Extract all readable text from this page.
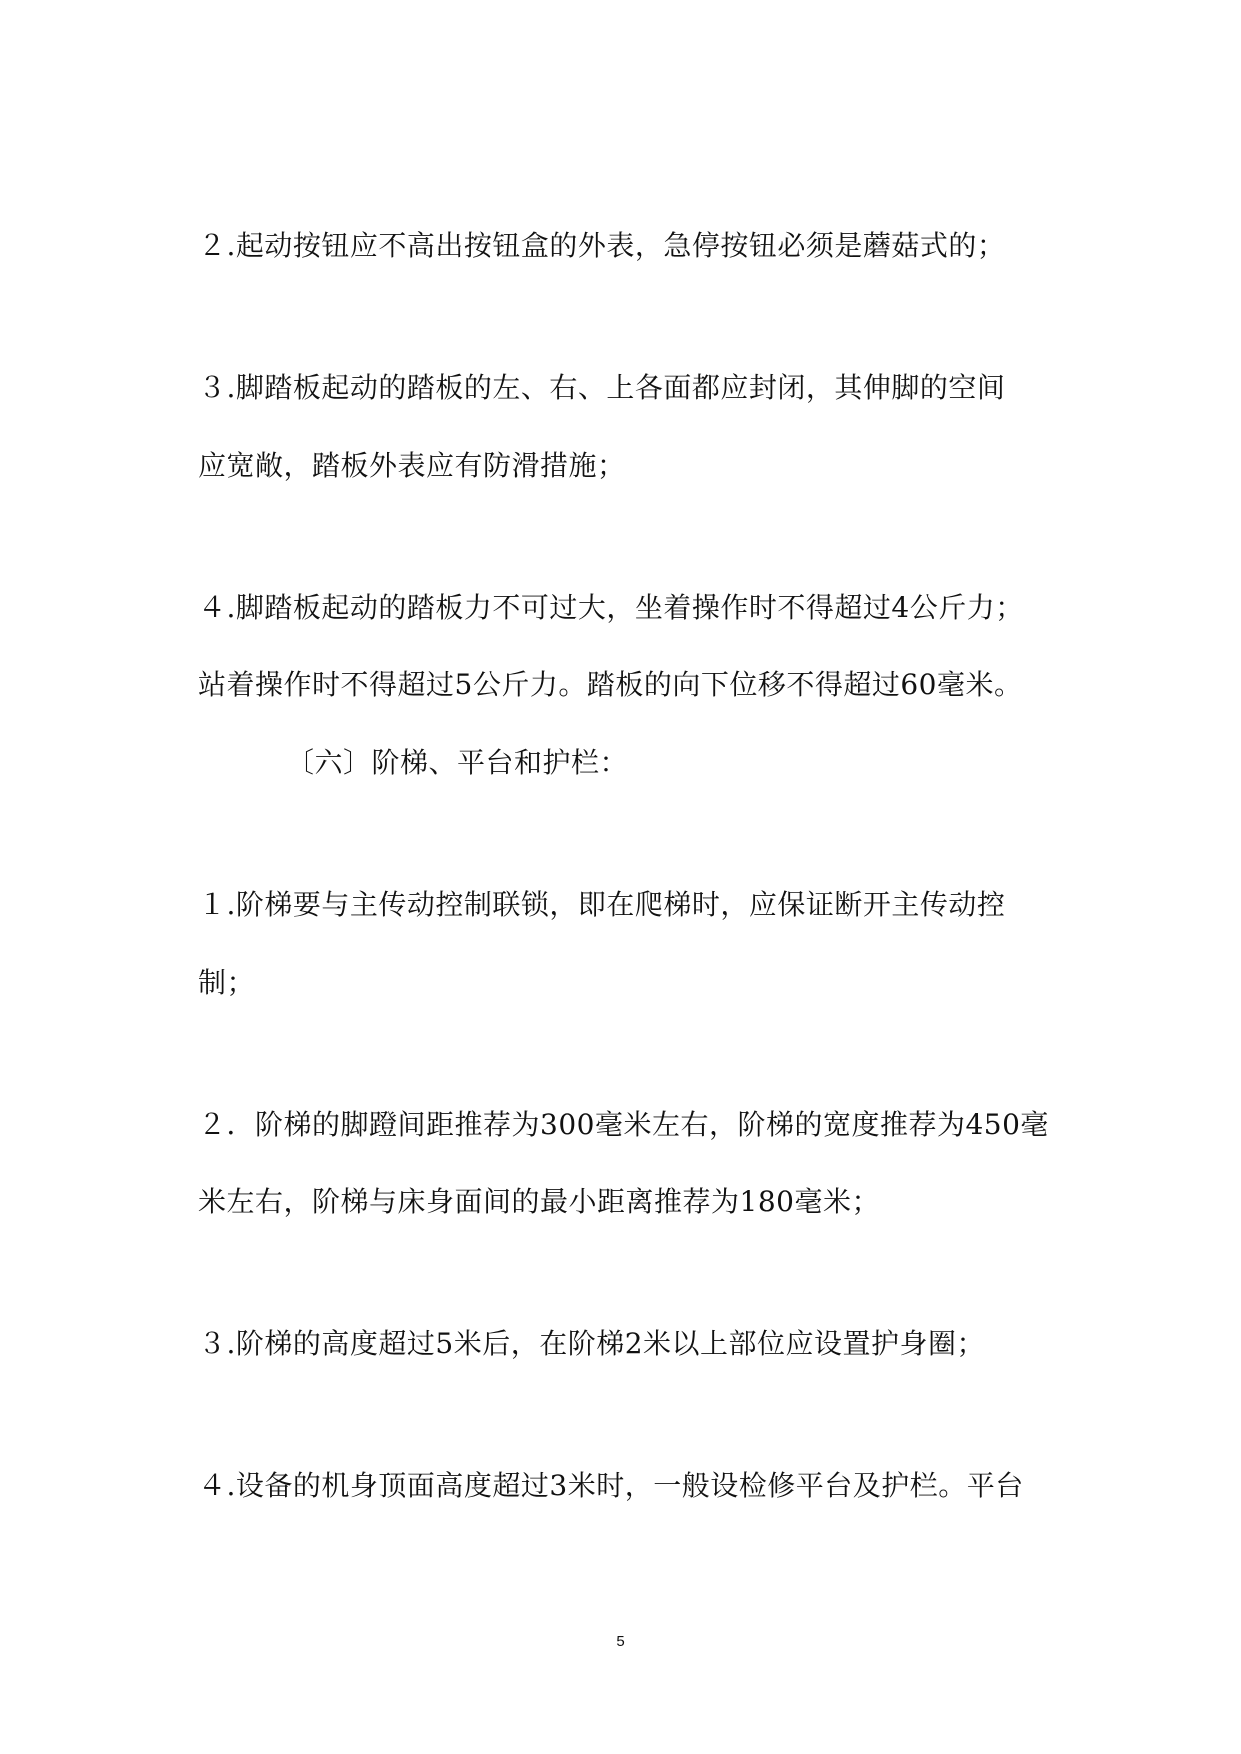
２.起动按钮应不高出按钮盒的外表，急停按钮必须是蘑菇式的；
３.脚踏板起动的踏板的左、右、上各面都应封闭，其伸脚的空间
应宽敞，踏板外表应有防滑措施；
４.脚踏板起动的踏板力不可过大，坐着操作时不得超过4公斤力；
站着操作时不得超过5公斤力。踏板的向下位移不得超过60毫米。
〔六〕阶梯、平台和护栏：
１.阶梯要与主传动控制联锁，即在爬梯时，应保证断开主传动控
制；
２．阶梯的脚蹬间距推荐为300毫米左右，阶梯的宽度推荐为450毫
米左右，阶梯与床身面间的最小距离推荐为180毫米；
３.阶梯的高度超过5米后，在阶梯2米以上部位应设置护身圈；
４.设备的机身顶面高度超过3米时，一般设检修平台及护栏。平台
5
